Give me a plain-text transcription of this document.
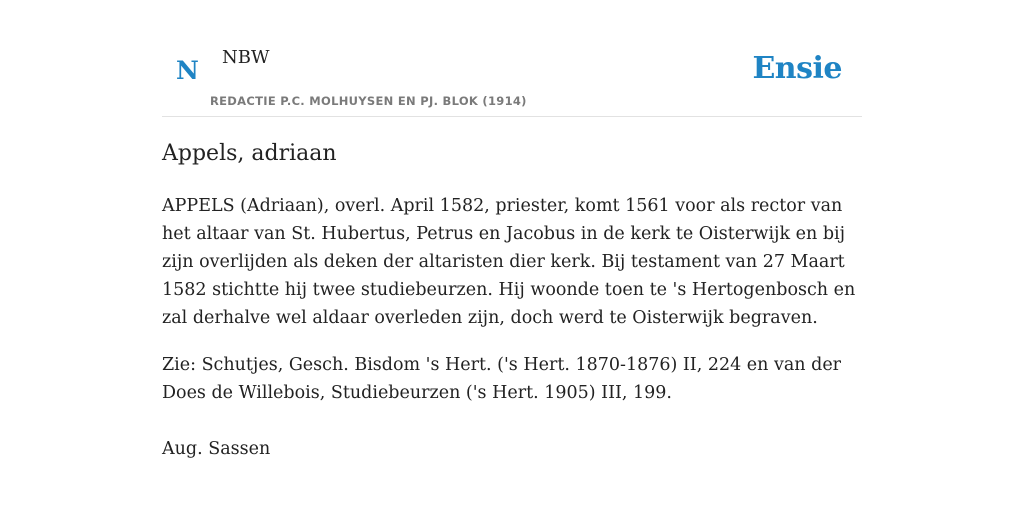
N NBW
REDACTIE P.C. MOLHUYSEN EN PJ. BLOK (1914)
Ensie
Appels, adriaan

APPELS (Adriaan), overl. April 1582, priester, komt 1561 voor als rector van het altaar van St. Hubertus, Petrus en Jacobus in de kerk te Oisterwijk en bij zijn overlijden als deken der altaristen dier kerk. Bij testament van 27 Maart 1582 stichtte hij twee studiebeurzen. Hij woonde toen te 's Hertogenbosch en zal derhalve wel aldaar overleden zijn, doch werd te Oisterwijk begraven.

Zie: Schutjes, Gesch. Bisdom 's Hert. ('s Hert. 1870-1876) II, 224 en van der Does de Willebois, Studiebeurzen ('s Hert. 1905) III, 199.

Aug. Sassen
